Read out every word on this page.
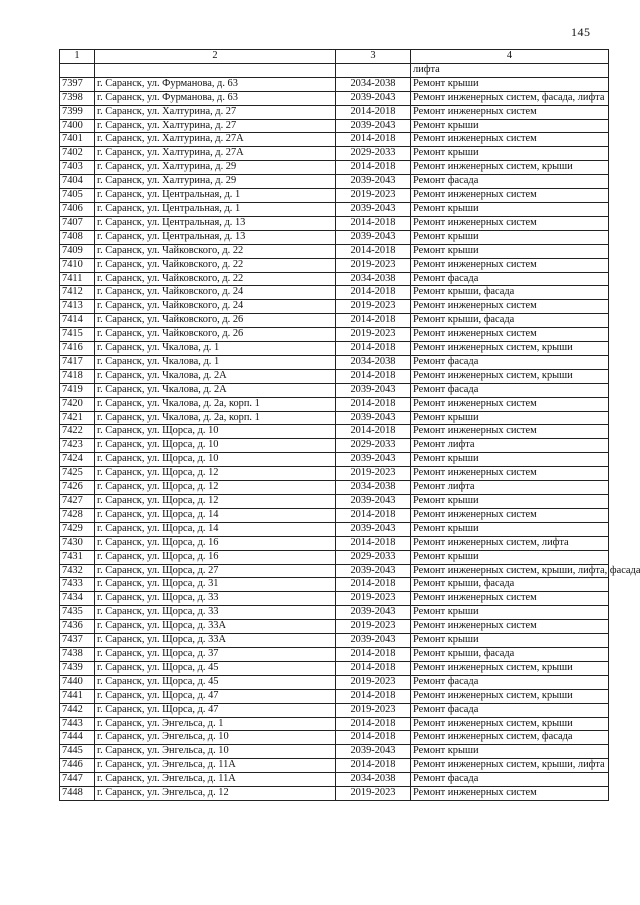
145
1	2	3	4
			лифта
7397	г. Саранск, ул. Фурманова, д. 63	2034-2038	Ремонт крыши
7398	г. Саранск, ул. Фурманова, д. 63	2039-2043	Ремонт инженерных систем, фасада, лифта
7399	г. Саранск, ул. Халтурина, д. 27	2014-2018	Ремонт инженерных систем
7400	г. Саранск, ул. Халтурина, д. 27	2039-2043	Ремонт крыши
7401	г. Саранск, ул. Халтурина, д. 27А	2014-2018	Ремонт инженерных систем
7402	г. Саранск, ул. Халтурина, д. 27А	2029-2033	Ремонт крыши
7403	г. Саранск, ул. Халтурина, д. 29	2014-2018	Ремонт инженерных систем, крыши
7404	г. Саранск, ул. Халтурина, д. 29	2039-2043	Ремонт фасада
7405	г. Саранск, ул. Центральная, д. 1	2019-2023	Ремонт инженерных систем
7406	г. Саранск, ул. Центральная, д. 1	2039-2043	Ремонт крыши
7407	г. Саранск, ул. Центральная, д. 13	2014-2018	Ремонт инженерных систем
7408	г. Саранск, ул. Центральная, д. 13	2039-2043	Ремонт крыши
7409	г. Саранск, ул. Чайковского, д. 22	2014-2018	Ремонт крыши
7410	г. Саранск, ул. Чайковского, д. 22	2019-2023	Ремонт инженерных систем
7411	г. Саранск, ул. Чайковского, д. 22	2034-2038	Ремонт фасада
7412	г. Саранск, ул. Чайковского, д. 24	2014-2018	Ремонт крыши, фасада
7413	г. Саранск, ул. Чайковского, д. 24	2019-2023	Ремонт инженерных систем
7414	г. Саранск, ул. Чайковского, д. 26	2014-2018	Ремонт крыши, фасада
7415	г. Саранск, ул. Чайковского, д. 26	2019-2023	Ремонт инженерных систем
7416	г. Саранск, ул. Чкалова, д. 1	2014-2018	Ремонт инженерных систем, крыши
7417	г. Саранск, ул. Чкалова, д. 1	2034-2038	Ремонт фасада
7418	г. Саранск, ул. Чкалова, д. 2А	2014-2018	Ремонт инженерных систем, крыши
7419	г. Саранск, ул. Чкалова, д. 2А	2039-2043	Ремонт фасада
7420	г. Саранск, ул. Чкалова, д. 2а, корп. 1	2014-2018	Ремонт инженерных систем
7421	г. Саранск, ул. Чкалова, д. 2а, корп. 1	2039-2043	Ремонт крыши
7422	г. Саранск, ул. Щорса, д. 10	2014-2018	Ремонт инженерных систем
7423	г. Саранск, ул. Щорса, д. 10	2029-2033	Ремонт лифта
7424	г. Саранск, ул. Щорса, д. 10	2039-2043	Ремонт крыши
7425	г. Саранск, ул. Щорса, д. 12	2019-2023	Ремонт инженерных систем
7426	г. Саранск, ул. Щорса, д. 12	2034-2038	Ремонт лифта
7427	г. Саранск, ул. Щорса, д. 12	2039-2043	Ремонт крыши
7428	г. Саранск, ул. Щорса, д. 14	2014-2018	Ремонт инженерных систем
7429	г. Саранск, ул. Щорса, д. 14	2039-2043	Ремонт крыши
7430	г. Саранск, ул. Щорса, д. 16	2014-2018	Ремонт инженерных систем, лифта
7431	г. Саранск, ул. Щорса, д. 16	2029-2033	Ремонт крыши
7432	г. Саранск, ул. Щорса, д. 27	2039-2043	Ремонт инженерных систем, крыши, лифта, фасада
7433	г. Саранск, ул. Щорса, д. 31	2014-2018	Ремонт крыши, фасада
7434	г. Саранск, ул. Щорса, д. 33	2019-2023	Ремонт инженерных систем
7435	г. Саранск, ул. Щорса, д. 33	2039-2043	Ремонт крыши
7436	г. Саранск, ул. Щорса, д. 33А	2019-2023	Ремонт инженерных систем
7437	г. Саранск, ул. Щорса, д. 33А	2039-2043	Ремонт крыши
7438	г. Саранск, ул. Щорса, д. 37	2014-2018	Ремонт крыши, фасада
7439	г. Саранск, ул. Щорса, д. 45	2014-2018	Ремонт инженерных систем, крыши
7440	г. Саранск, ул. Щорса, д. 45	2019-2023	Ремонт фасада
7441	г. Саранск, ул. Щорса, д. 47	2014-2018	Ремонт инженерных систем, крыши
7442	г. Саранск, ул. Щорса, д. 47	2019-2023	Ремонт фасада
7443	г. Саранск, ул. Энгельса, д. 1	2014-2018	Ремонт инженерных систем, крыши
7444	г. Саранск, ул. Энгельса, д. 10	2014-2018	Ремонт инженерных систем, фасада
7445	г. Саранск, ул. Энгельса, д. 10	2039-2043	Ремонт крыши
7446	г. Саранск, ул. Энгельса, д. 11А	2014-2018	Ремонт инженерных систем, крыши, лифта
7447	г. Саранск, ул. Энгельса, д. 11А	2034-2038	Ремонт фасада
7448	г. Саранск, ул. Энгельса, д. 12	2019-2023	Ремонт инженерных систем
